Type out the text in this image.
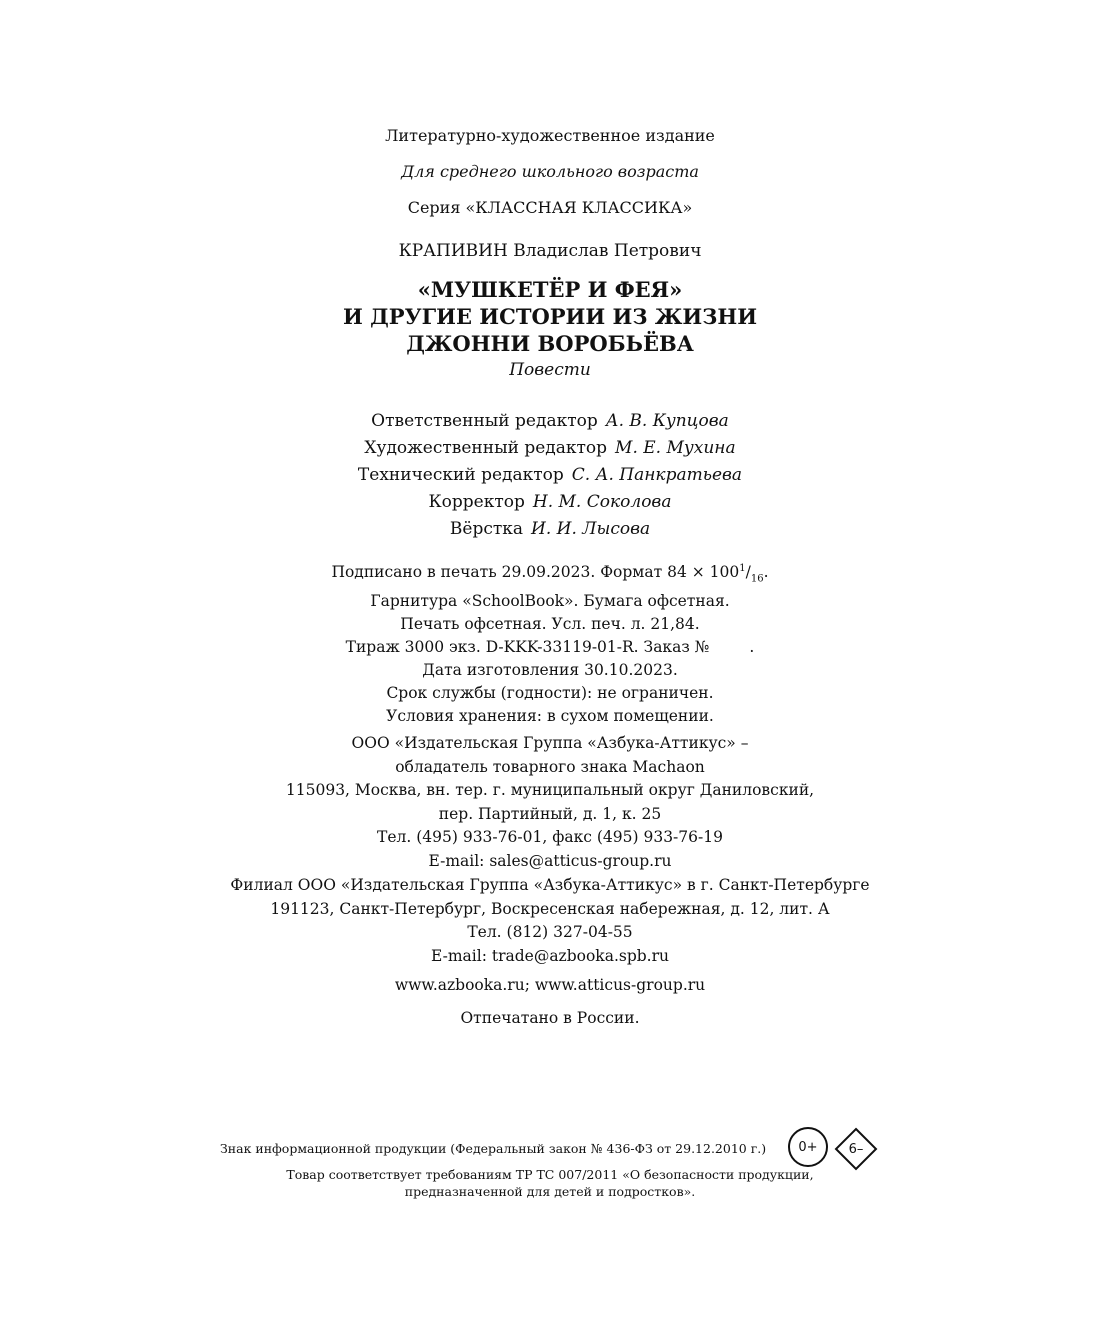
Литературно-художественное издание
Для среднего школьного возраста
Серия «КЛАССНАЯ КЛАССИКА»
КРАПИВИН Владислав Петрович
«МУШКЕТЁР И ФЕЯ»
И ДРУГИЕ ИСТОРИИ ИЗ ЖИЗНИ
ДЖОННИ ВОРОБЬЁВА
Повести
Ответственный редактор А. В. Купцова
Художественный редактор М. Е. Мухина
Технический редактор С. А. Панкратьева
Корректор Н. М. Соколова
Вёрстка И. И. Лысова
Подписано в печать 29.09.2023. Формат $84 \times 100^1/_{16}$.
Гарнитура «SchoolBook». Бумага офсетная.
Печать офсетная. Усл. печ. л. 21,84.
Тираж 3000 экз. D-KKK-33119-01-R. Заказ №	.
Дата изготовления 30.10.2023.
Срок службы (годности): не ограничен.
Условия хранения: в сухом помещении.
ООО «Издательская Группа «Азбука-Аттикус» –
обладатель товарного знака Machaon
115093, Москва, вн. тер. г. муниципальный округ Даниловский,
пер. Партийный, д. 1, к. 25
Тел. (495) 933-76-01, факс (495) 933-76-19
E-mail: sales@atticus-group.ru
Филиал ООО «Издательская Группа «Азбука-Аттикус» в г. Санкт-Петербурге
191123, Санкт-Петербург, Воскресенская набережная, д. 12, лит. А
Тел. (812) 327-04-55
E-mail: trade@azbooka.spb.ru
www.azbooka.ru; www.atticus-group.ru
Отпечатано в России.
Знак информационной продукции (Федеральный закон № 436-ФЗ от 29.12.2010 г.)	0+	6–
Товар соответствует требованиям ТР ТС 007/2011 «О безопасности продукции,
предназначенной для детей и подростков».
